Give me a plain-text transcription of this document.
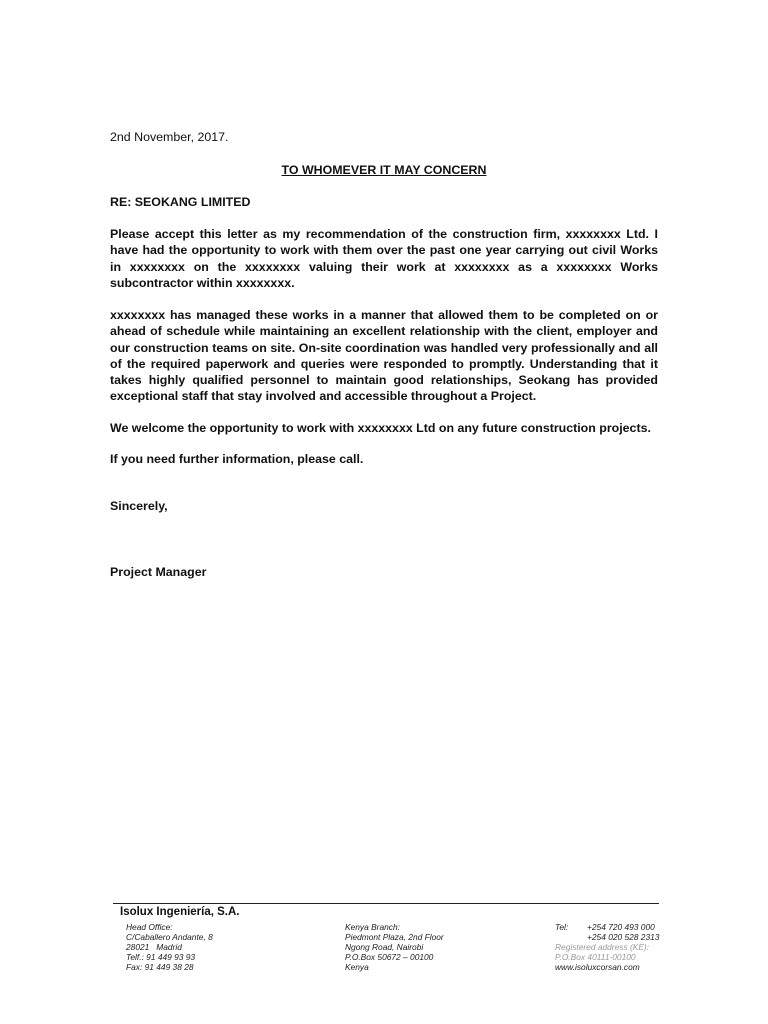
2nd November, 2017.
TO WHOMEVER IT MAY CONCERN
RE: SEOKANG LIMITED
Please accept this letter as my recommendation of the construction firm, xxxxxxxx Ltd. I have had the opportunity to work with them over the past one year carrying out civil Works in xxxxxxxx on the xxxxxxxx valuing their work at xxxxxxxx as a xxxxxxxx Works subcontractor within xxxxxxxx.
xxxxxxxx has managed these works in a manner that allowed them to be completed on or ahead of schedule while maintaining an excellent relationship with the client, employer and our construction teams on site. On-site coordination was handled very professionally and all of the required paperwork and queries were responded to promptly. Understanding that it takes highly qualified personnel to maintain good relationships, Seokang has provided exceptional staff that stay involved and accessible throughout a Project.
We welcome the opportunity to work with xxxxxxxx Ltd on any future construction projects.
If you need further information, please call.
Sincerely,
Project Manager
Isolux Ingeniería, S.A.
Head Office:
C/Caballero Andante, 8
28021   Madrid
Telf.: 91 449 93 93
Fax: 91 449 38 28
Kenya Branch:
Piedmont Plaza, 2nd Floor
Ngong Road, Nairobi
P.O.Box 50672 – 00100
Kenya
Tel:	+254 720 493 000
+254 020 528 2313
Registered address (KE):
P.O.Box 40111-00100
www.isoluxcorsan.com
